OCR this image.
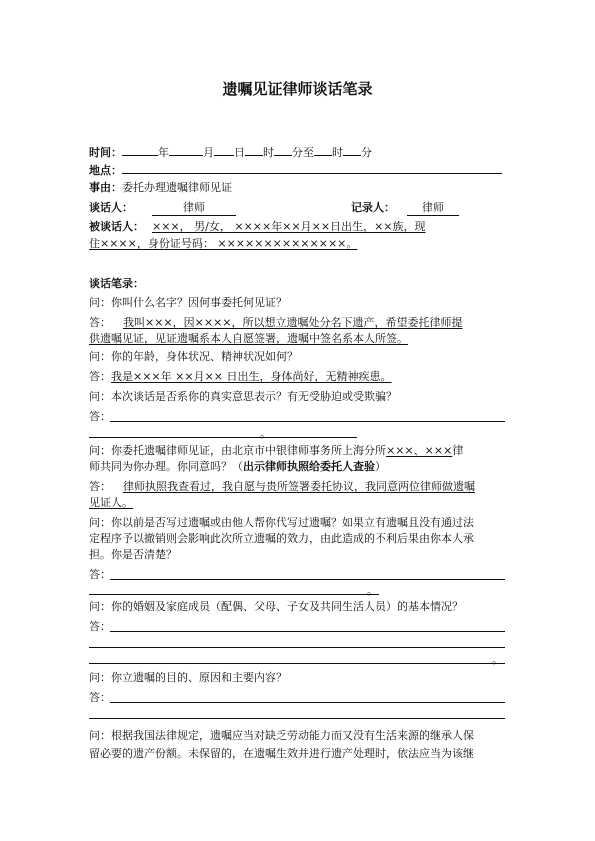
遗嘱见证律师谈话笔录
时间：	年	月 日 时 分至 时 分
地点：
事由：委托办理遗嘱律师见证
谈话人：	律师	记录人：	律师
被谈话人： ×××， 男/女， ××××年××月××日出生，××族，现
住××××，身份证号码： ××××××××××××××。
谈话笔录：
问：你叫什么名字？因何事委托何见证？
答： 我叫×××，因××××，所以想立遗嘱处分名下遗产，希望委托律师提
供遗嘱见证，见证遗嘱系本人自愿签署，遗嘱中签名系本人所签。
问：你的年龄，身体状况、精神状况如何？
答：我是×××年 ××月×× 日出生，身体尚好，无精神疾患。
问：本次谈话是否系你的真实意思表示？有无受胁迫或受欺骗？
答：
。
问：你委托遗嘱律师见证，由北京市中银律师事务所上海分所×××、×××律
师共同为你办理。你同意吗？（出示律师执照给委托人查验）
答： 律师执照我查看过，我自愿与贵所签署委托协议，我同意两位律师做遗嘱
见证人。
问：你以前是否写过遗嘱或由他人帮你代写过遗嘱？如果立有遗嘱且没有通过法
定程序予以撤销则会影响此次所立遗嘱的效力，由此造成的不利后果由你本人承
担。你是否清楚？
答：
。
问：你的婚姻及家庭成员（配偶、父母、子女及共同生活人员）的基本情况？
答：
。
问：你立遗嘱的目的、原因和主要内容？
答：
问：根据我国法律规定，遗嘱应当对缺乏劳动能力而又没有生活来源的继承人保
留必要的遗产份额。未保留的，在遗嘱生效并进行遗产处理时，依法应当为该继
